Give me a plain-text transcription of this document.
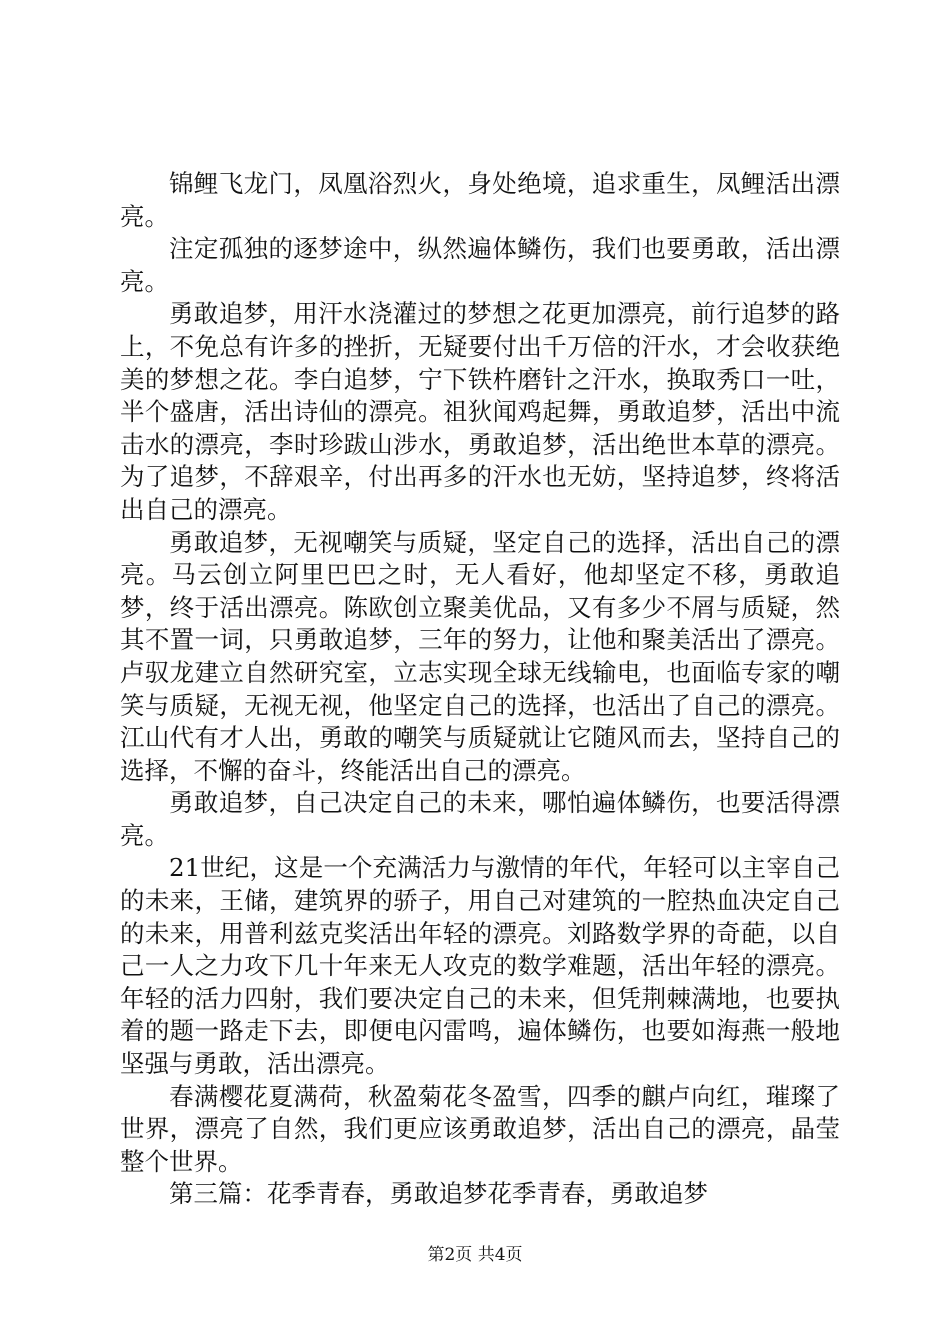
锦鲤飞龙门，凤凰浴烈火，身处绝境，追求重生，凤鲤活出漂亮。

注定孤独的逐梦途中，纵然遍体鳞伤，我们也要勇敢，活出漂亮。

勇敢追梦，用汗水浇灌过的梦想之花更加漂亮，前行追梦的路上，不免总有许多的挫折，无疑要付出千万倍的汗水，才会收获绝美的梦想之花。李白追梦，宁下铁杵磨针之汗水，换取秀口一吐，半个盛唐，活出诗仙的漂亮。祖狄闻鸡起舞，勇敢追梦，活出中流击水的漂亮，李时珍跋山涉水，勇敢追梦，活出绝世本草的漂亮。为了追梦，不辞艰辛，付出再多的汗水也无妨，坚持追梦，终将活出自己的漂亮。

勇敢追梦，无视嘲笑与质疑，坚定自己的选择，活出自己的漂亮。马云创立阿里巴巴之时，无人看好，他却坚定不移，勇敢追梦，终于活出漂亮。陈欧创立聚美优品，又有多少不屑与质疑，然其不置一词，只勇敢追梦，三年的努力，让他和聚美活出了漂亮。卢驭龙建立自然研究室，立志实现全球无线输电，也面临专家的嘲笑与质疑，无视无视，他坚定自己的选择，也活出了自己的漂亮。江山代有才人出，勇敢的嘲笑与质疑就让它随风而去，坚持自己的选择，不懈的奋斗，终能活出自己的漂亮。

勇敢追梦，自己决定自己的未来，哪怕遍体鳞伤，也要活得漂亮。

21世纪，这是一个充满活力与激情的年代，年轻可以主宰自己的未来，王储，建筑界的骄子，用自己对建筑的一腔热血决定自己的未来，用普利兹克奖活出年轻的漂亮。刘路数学界的奇葩，以自己一人之力攻下几十年来无人攻克的数学难题，活出年轻的漂亮。年轻的活力四射，我们要决定自己的未来，但凭荆棘满地，也要执着的题一路走下去，即便电闪雷鸣，遍体鳞伤，也要如海燕一般地坚强与勇敢，活出漂亮。

春满樱花夏满荷，秋盈菊花冬盈雪，四季的麒卢向红，璀璨了世界，漂亮了自然，我们更应该勇敢追梦，活出自己的漂亮，晶莹整个世界。

第三篇：花季青春，勇敢追梦花季青春，勇敢追梦

第2页 共4页
